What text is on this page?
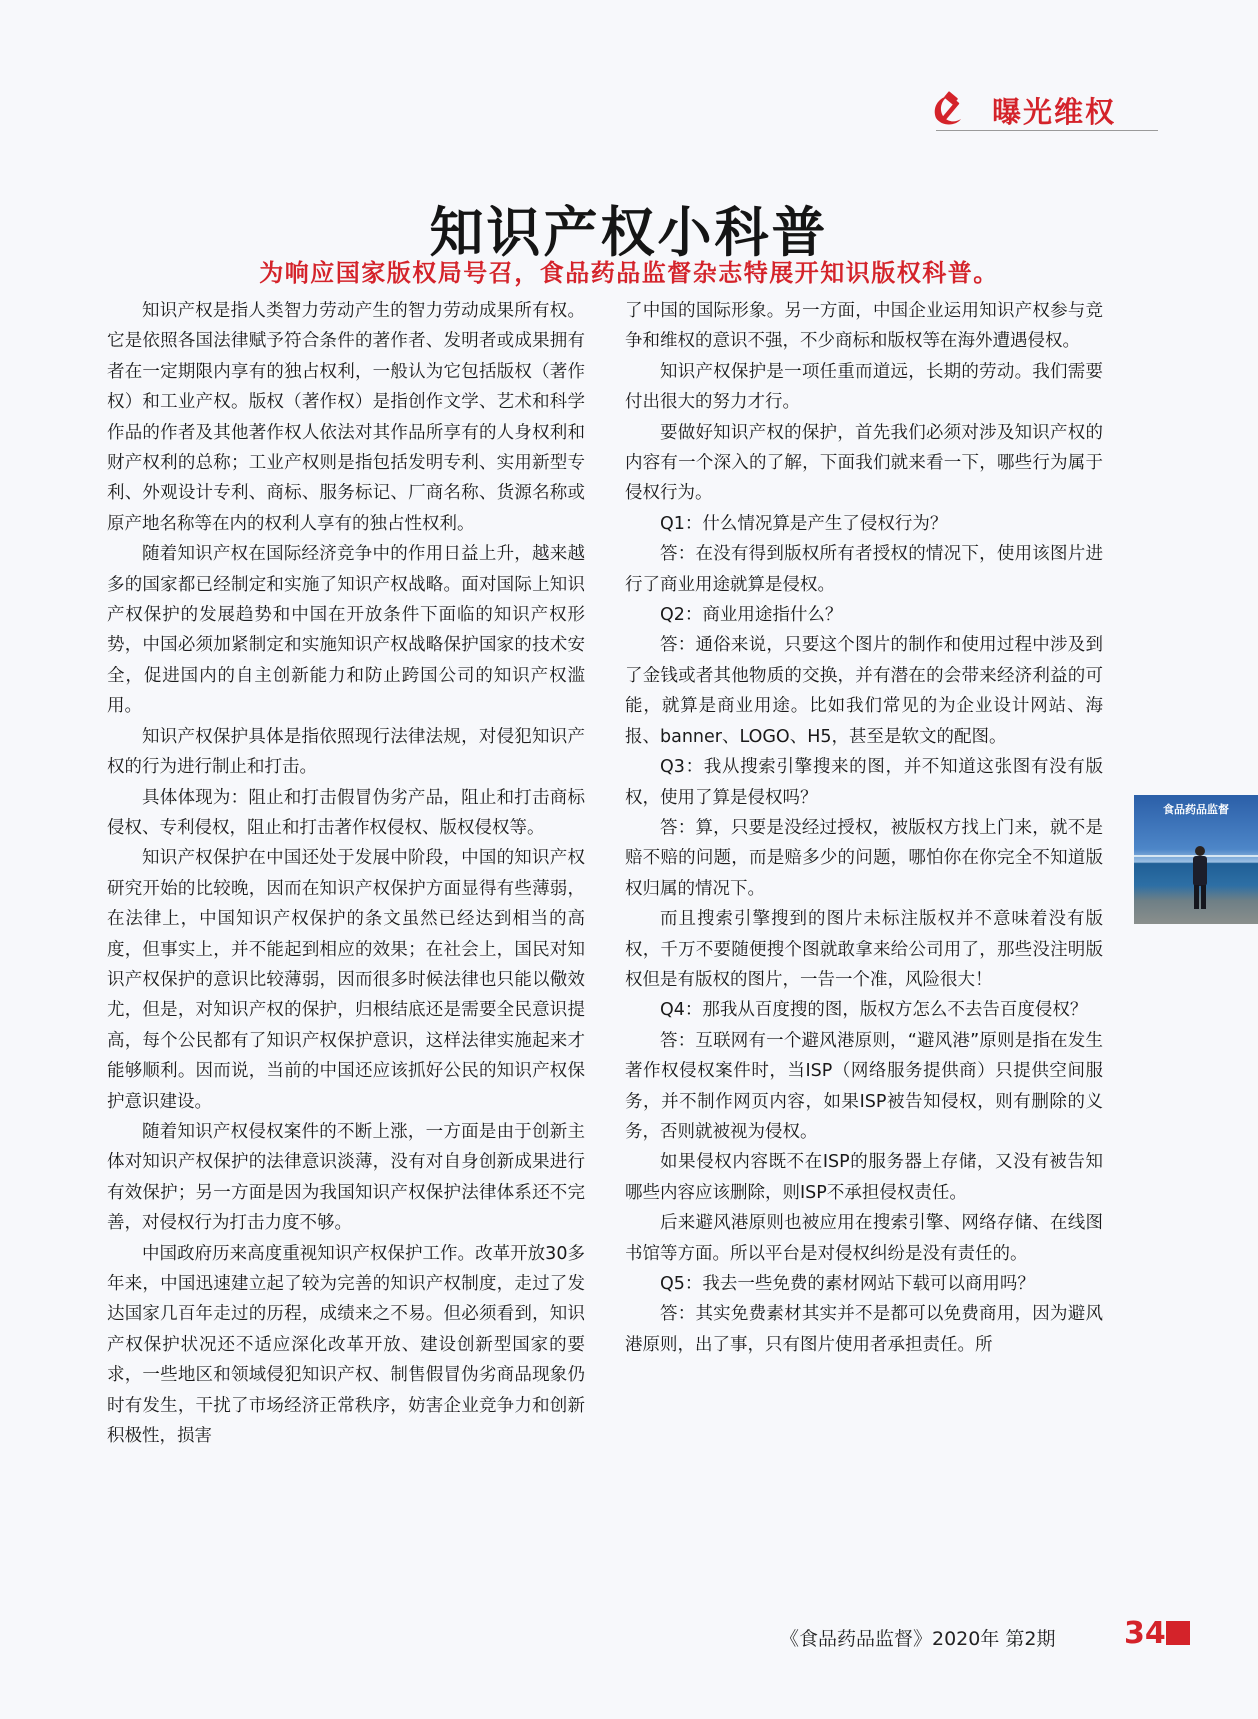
曝光维权
知识产权小科普
为响应国家版权局号召，食品药品监督杂志特展开知识版权科普。

知识产权是指人类智力劳动产生的智力劳动成果所有权。它是依照各国法律赋予符合条件的著作者、发明者或成果拥有者在一定期限内享有的独占权利，一般认为它包括版权（著作权）和工业产权。版权（著作权）是指创作文学、艺术和科学作品的作者及其他著作权人依法对其作品所享有的人身权利和财产权利的总称；工业产权则是指包括发明专利、实用新型专利、外观设计专利、商标、服务标记、厂商名称、货源名称或原产地名称等在内的权利人享有的独占性权利。

随着知识产权在国际经济竞争中的作用日益上升，越来越多的国家都已经制定和实施了知识产权战略。面对国际上知识产权保护的发展趋势和中国在开放条件下面临的知识产权形势，中国必须加紧制定和实施知识产权战略保护国家的技术安全，促进国内的自主创新能力和防止跨国公司的知识产权滥用。

知识产权保护具体是指依照现行法律法规，对侵犯知识产权的行为进行制止和打击。

具体体现为：阻止和打击假冒伪劣产品，阻止和打击商标侵权、专利侵权，阻止和打击著作权侵权、版权侵权等。

知识产权保护在中国还处于发展中阶段，中国的知识产权研究开始的比较晚，因而在知识产权保护方面显得有些薄弱，在法律上，中国知识产权保护的条文虽然已经达到相当的高度，但事实上，并不能起到相应的效果；在社会上，国民对知识产权保护的意识比较薄弱，因而很多时候法律也只能以儆效尤，但是，对知识产权的保护，归根结底还是需要全民意识提高，每个公民都有了知识产权保护意识，这样法律实施起来才能够顺利。因而说，当前的中国还应该抓好公民的知识产权保护意识建设。

随着知识产权侵权案件的不断上涨，一方面是由于创新主体对知识产权保护的法律意识淡薄，没有对自身创新成果进行有效保护；另一方面是因为我国知识产权保护法律体系还不完善，对侵权行为打击力度不够。

中国政府历来高度重视知识产权保护工作。改革开放30多年来，中国迅速建立起了较为完善的知识产权制度，走过了发达国家几百年走过的历程，成绩来之不易。但必须看到，知识产权保护状况还不适应深化改革开放、建设创新型国家的要求，一些地区和领域侵犯知识产权、制售假冒伪劣商品现象仍时有发生，干扰了市场经济正常秩序，妨害企业竞争力和创新积极性，损害

了中国的国际形象。另一方面，中国企业运用知识产权参与竞争和维权的意识不强，不少商标和版权等在海外遭遇侵权。

知识产权保护是一项任重而道远，长期的劳动。我们需要付出很大的努力才行。

要做好知识产权的保护，首先我们必须对涉及知识产权的内容有一个深入的了解，下面我们就来看一下，哪些行为属于侵权行为。

Q1：什么情况算是产生了侵权行为？

答：在没有得到版权所有者授权的情况下，使用该图片进行了商业用途就算是侵权。

Q2：商业用途指什么？

答：通俗来说，只要这个图片的制作和使用过程中涉及到了金钱或者其他物质的交换，并有潜在的会带来经济利益的可能，就算是商业用途。比如我们常见的为企业设计网站、海报、banner、LOGO、H5，甚至是软文的配图。

Q3：我从搜索引擎搜来的图，并不知道这张图有没有版权，使用了算是侵权吗？

答：算，只要是没经过授权，被版权方找上门来，就不是赔不赔的问题，而是赔多少的问题，哪怕你在你完全不知道版权归属的情况下。

而且搜索引擎搜到的图片未标注版权并不意味着没有版权，千万不要随便搜个图就敢拿来给公司用了，那些没注明版权但是有版权的图片，一告一个准，风险很大！

Q4：那我从百度搜的图，版权方怎么不去告百度侵权？

答：互联网有一个避风港原则，“避风港”原则是指在发生著作权侵权案件时，当ISP（网络服务提供商）只提供空间服务，并不制作网页内容，如果ISP被告知侵权，则有删除的义务，否则就被视为侵权。

如果侵权内容既不在ISP的服务器上存储，又没有被告知哪些内容应该删除，则ISP不承担侵权责任。

后来避风港原则也被应用在搜索引擎、网络存储、在线图书馆等方面。所以平台是对侵权纠纷是没有责任的。

Q5：我去一些免费的素材网站下载可以商用吗？

答：其实免费素材其实并不是都可以免费商用，因为避风港原则，出了事，只有图片使用者承担责任。所

食品药品监督
《食品药品监督》2020年 第2期 34
